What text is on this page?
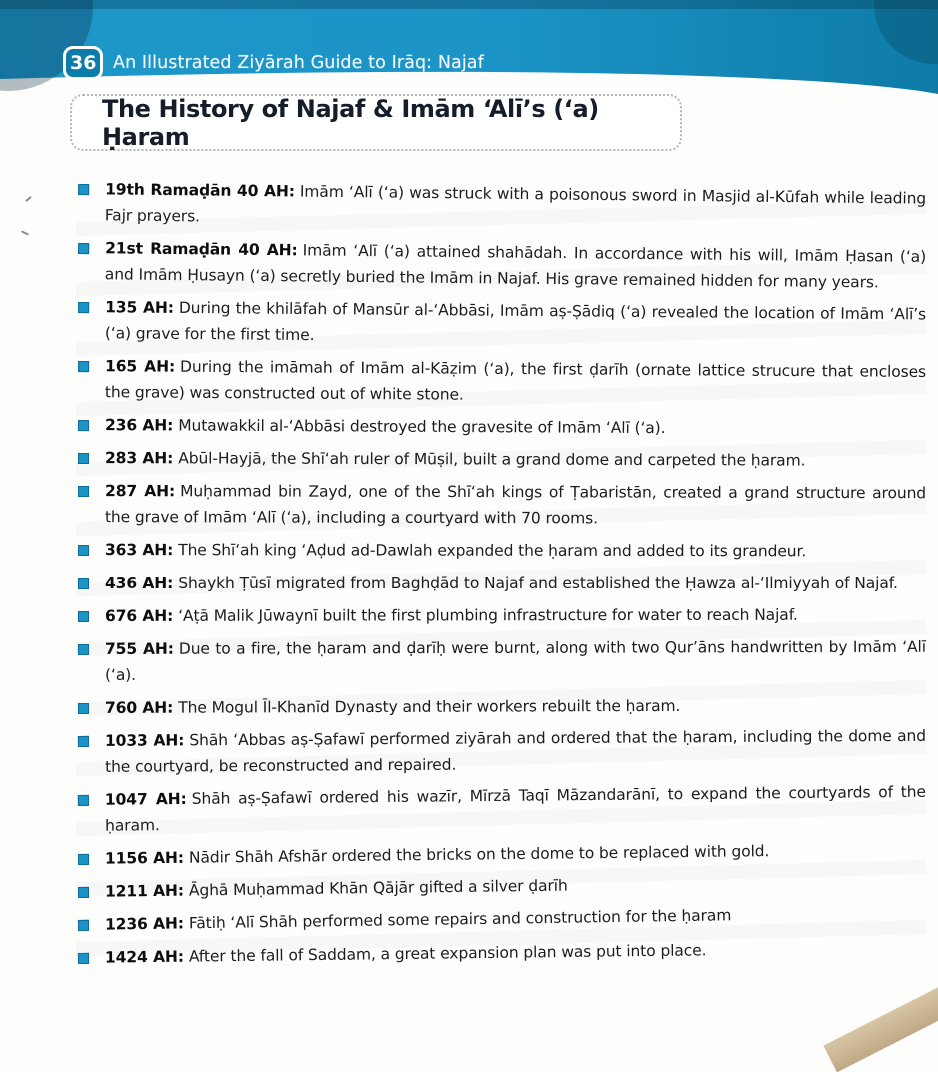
36 An Illustrated Ziyārah Guide to Irāq: Najaf
The History of Najaf & Imām ʻAlī’s (ʻa) Ḥaram

19th Ramaḍān 40 AH: Imām ʻAlī (ʻa) was struck with a poisonous sword in Masjid al-Kūfah while leading Fajr prayers.

21st Ramaḍān 40 AH: Imām ʻAlī (ʻa) attained shahādah. In accordance with his will, Imām Ḥasan (ʻa) and Imām Ḥusayn (ʻa) secretly buried the Imām in Najaf. His grave remained hidden for many years.

135 AH: During the khilāfah of Mansūr al-ʻAbbāsi, Imām aṣ-Ṣādiq (ʻa) revealed the location of Imām ʻAlī’s (ʻa) grave for the first time.

165 AH: During the imāmah of Imām al-Kāẓim (ʻa), the first ḍarīh (ornate lattice strucure that encloses the grave) was constructed out of white stone.

236 AH: Mutawakkil al-ʻAbbāsi destroyed the gravesite of Imām ʻAlī (ʻa).

283 AH: Abūl-Hayjā, the Shīʻah ruler of Mūṣil, built a grand dome and carpeted the ḥaram.

287 AH: Muḥammad bin Zayd, one of the Shīʻah kings of Ṭabaristān, created a grand structure around the grave of Imām ʻAlī (ʻa), including a courtyard with 70 rooms.

363 AH: The Shīʻah king ʻAḍud ad-Dawlah expanded the ḥaram and added to its grandeur.

436 AH: Shaykh Ṭūsī migrated from Baghḍād to Najaf and established the Ḥawza al-ʻIlmiyyah of Najaf.

676 AH: ʻAṭā Malik Jūwaynī built the first plumbing infrastructure for water to reach Najaf.

755 AH: Due to a fire, the ḥaram and ḍarīḥ were burnt, along with two Qur’āns handwritten by Imām ʻAlī (ʻa).

760 AH: The Mogul Īl-Khanīd Dynasty and their workers rebuilt the ḥaram.

1033 AH: Shāh ʻAbbas aṣ-Ṣafawī performed ziyārah and ordered that the ḥaram, including the dome and the courtyard, be reconstructed and repaired.

1047 AH: Shāh aṣ-Ṣafawī ordered his wazīr, Mīrzā Taqī Māzandarānī, to expand the courtyards of the ḥaram.

1156 AH: Nādir Shāh Afshār ordered the bricks on the dome to be replaced with gold.

1211 AH: Āghā Muḥammad Khān Qājār gifted a silver ḍarīh

1236 AH: Fātiḥ ʻAlī Shāh performed some repairs and construction for the ḥaram

1424 AH: After the fall of Saddam, a great expansion plan was put into place.
